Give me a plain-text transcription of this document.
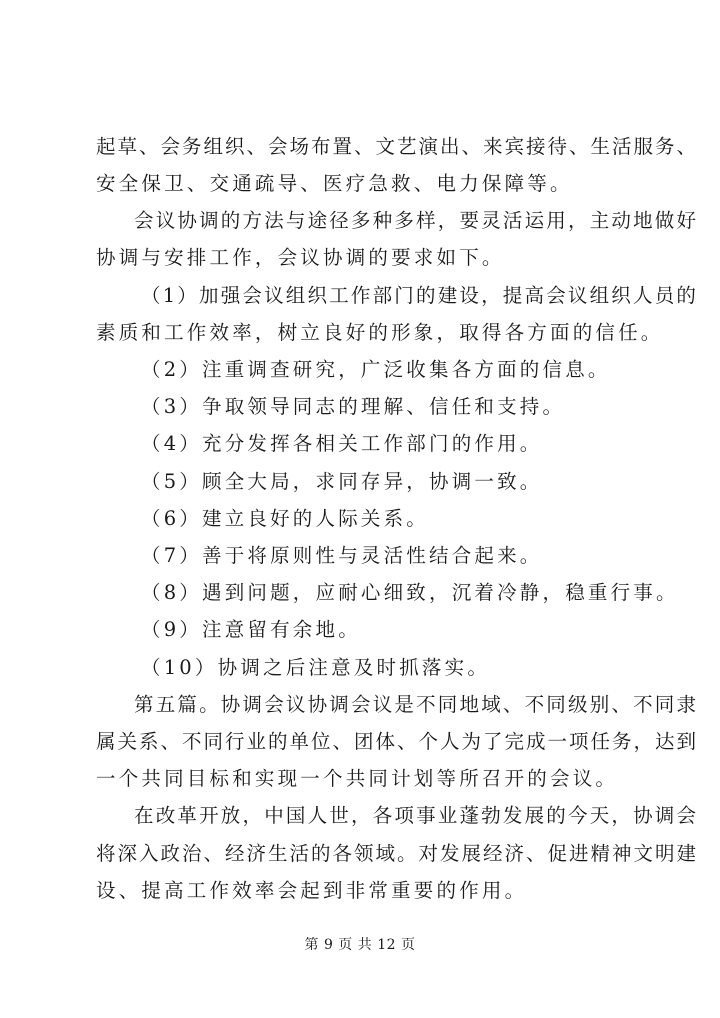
起草、会务组织、会场布置、文艺演出、来宾接待、生活服务、
安全保卫、交通疏导、医疗急救、电力保障等。
会议协调的方法与途径多种多样，要灵活运用，主动地做好
协调与安排工作，会议协调的要求如下。
（1）加强会议组织工作部门的建设，提高会议组织人员的
素质和工作效率，树立良好的形象，取得各方面的信任。
（2）注重调查研究，广泛收集各方面的信息。
（3）争取领导同志的理解、信任和支持。
（4）充分发挥各相关工作部门的作用。
（5）顾全大局，求同存异，协调一致。
（6）建立良好的人际关系。
（7）善于将原则性与灵活性结合起来。
（8）遇到问题，应耐心细致，沉着冷静，稳重行事。
（9）注意留有余地。
（10）协调之后注意及时抓落实。
第五篇。协调会议协调会议是不同地域、不同级别、不同隶
属关系、不同行业的单位、团体、个人为了完成一项任务，达到
一个共同目标和实现一个共同计划等所召开的会议。
在改革开放，中国人世，各项事业蓬勃发展的今天，协调会
将深入政治、经济生活的各领域。对发展经济、促进精神文明建
设、提高工作效率会起到非常重要的作用。
第 9 页 共 12 页
